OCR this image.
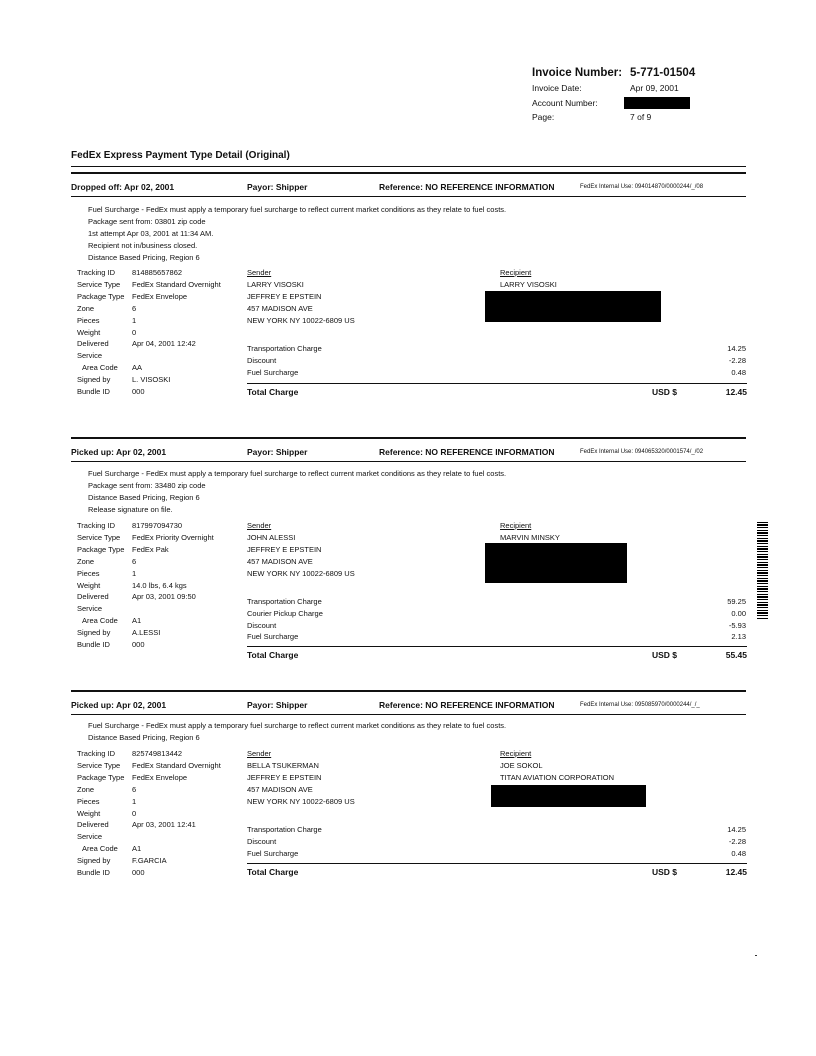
Invoice Number: 5-771-01504
Invoice Date:	Apr 09, 2001
Account Number:
Page:	7 of 9
FedEx Express Payment Type Detail (Original)
Dropped off: Apr 02, 2001	Payor: Shipper	Reference: NO REFERENCE INFORMATION	FedEx Internal Use: 094014870/0000244/_/08
Fuel Surcharge - FedEx must apply a temporary fuel surcharge to reflect current market conditions as they relate to fuel costs.
Package sent from: 03801 zip code
1st attempt Apr 03, 2001 at 11:34 AM.
Recipient not in/business closed.
Distance Based Pricing, Region 6
Tracking ID	814885657862
Service Type	FedEx Standard Overnight
Package Type	FedEx Envelope
Zone	6
Pieces	1
Weight	0
Delivered	Apr 04, 2001 12:42
Service
Area Code	AA
Signed by	L. VISOSKI
Bundle ID	000
Sender
LARRY VISOSKI
JEFFREY E EPSTEIN
457 MADISON AVE
NEW YORK NY 10022-6809 US
Recipient
LARRY VISOSKI
Transportation Charge	14.25
Discount	-2.28
Fuel Surcharge	0.48
Total Charge	USD $	12.45
Picked up: Apr 02, 2001	Payor: Shipper	Reference: NO REFERENCE INFORMATION	FedEx Internal Use: 094065320/0001574/_/02
Fuel Surcharge - FedEx must apply a temporary fuel surcharge to reflect current market conditions as they relate to fuel costs.
Package sent from: 33480 zip code
Distance Based Pricing, Region 6
Release signature on file.
Tracking ID	817997094730
Service Type	FedEx Priority Overnight
Package Type	FedEx Pak
Zone	6
Pieces	1
Weight	14.0 lbs, 6.4 kgs
Delivered	Apr 03, 2001 09:50
Service
Area Code	A1
Signed by	A.LESSI
Bundle ID	000
Sender
JOHN ALESSI
JEFFREY E EPSTEIN
457 MADISON AVE
NEW YORK NY 10022-6809 US
Recipient
MARVIN MINSKY
Transportation Charge	59.25
Courier Pickup Charge	0.00
Discount	-5.93
Fuel Surcharge	2.13
Total Charge	USD $	55.45
Picked up: Apr 02, 2001	Payor: Shipper	Reference: NO REFERENCE INFORMATION	FedEx Internal Use: 095085970/0000244/_/_
Fuel Surcharge - FedEx must apply a temporary fuel surcharge to reflect current market conditions as they relate to fuel costs.
Distance Based Pricing, Region 6
Tracking ID	825749813442
Service Type	FedEx Standard Overnight
Package Type	FedEx Envelope
Zone	6
Pieces	1
Weight	0
Delivered	Apr 03, 2001 12:41
Service
Area Code	A1
Signed by	F.GARCIA
Bundle ID	000
Sender
BELLA TSUKERMAN
JEFFREY E EPSTEIN
457 MADISON AVE
NEW YORK NY 10022-6809 US
Recipient
JOE SOKOL
TITAN AVIATION CORPORATION
Transportation Charge	14.25
Discount	-2.28
Fuel Surcharge	0.48
Total Charge	USD $	12.45
